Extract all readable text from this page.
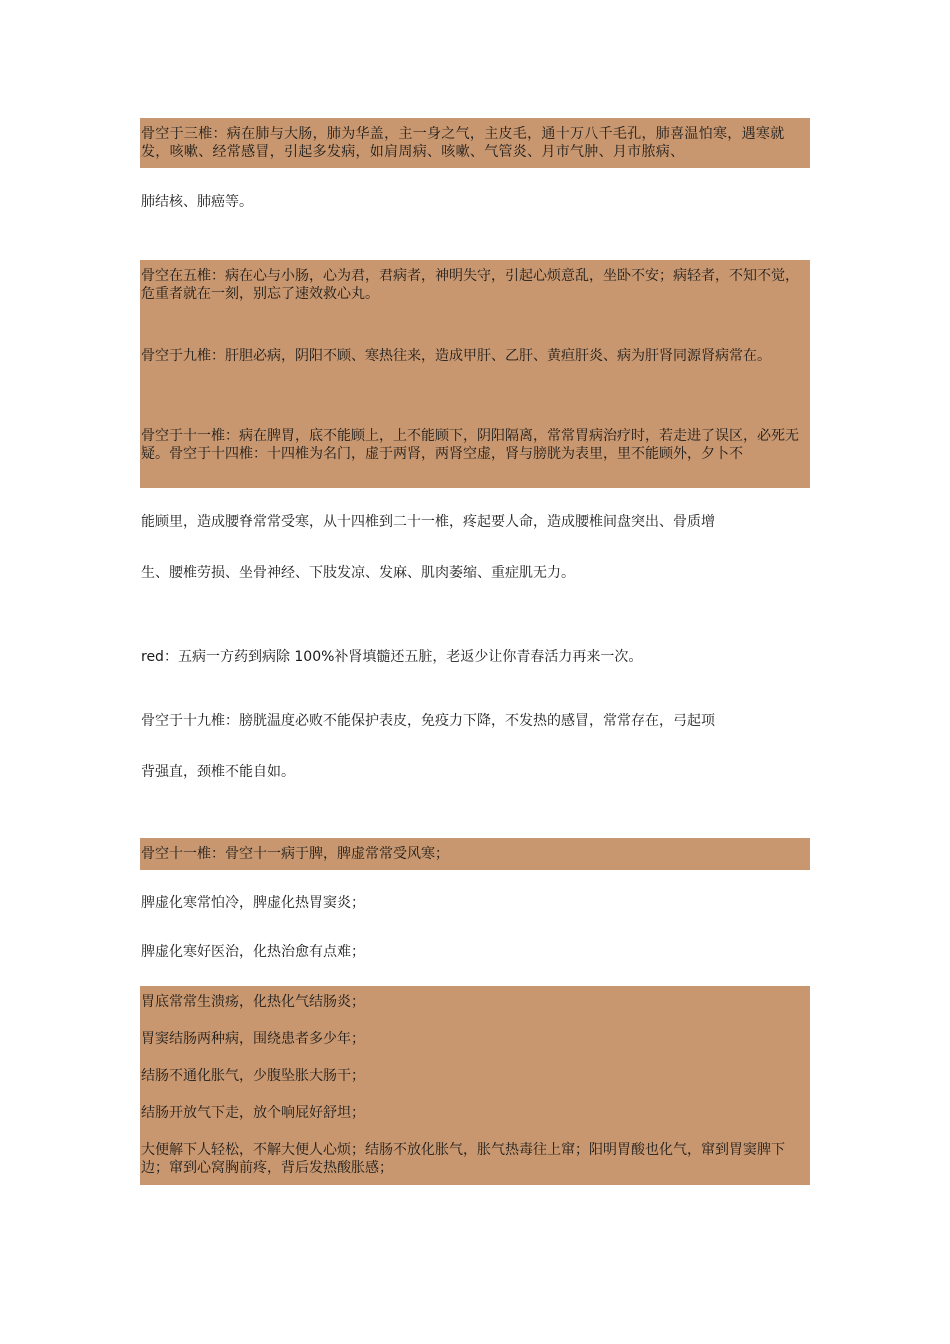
骨空于三椎：病在肺与大肠，肺为华盖，主一身之气，主皮毛，通十万八千毛孔，肺喜温怕寒，遇寒就发，咳嗽、经常感冒，引起多发病，如肩周病、咳嗽、气管炎、月市气肿、月市脓病、
肺结核、肺癌等。
骨空在五椎：病在心与小肠，心为君，君病者，神明失守，引起心烦意乱，坐卧不安；病轻者，不知不觉，危重者就在一刻，别忘了速效救心丸。
骨空于九椎：肝胆必病，阴阳不顾、寒热往来，造成甲肝、乙肝、黄疸肝炎、病为肝肾同源肾病常在。
骨空于十一椎：病在脾胃，底不能顾上，上不能顾下，阴阳隔离，常常胃病治疗时，若走进了误区，必死无疑。骨空于十四椎：十四椎为名门，虚于两肾，两肾空虚，肾与膀胱为表里，里不能顾外，夕卜不
能顾里，造成腰脊常常受寒，从十四椎到二十一椎，疼起要人命，造成腰椎间盘突出、骨质增
生、腰椎劳损、坐骨神经、下肢发凉、发麻、肌肉萎缩、重症肌无力。
red：五病一方药到病除 100%补肾填髓还五脏，老返少让你青春活力再来一次。
骨空于十九椎：膀胱温度必败不能保护表皮，免疫力下降，不发热的感冒，常常存在，弓起项
背强直，颈椎不能自如。
骨空十一椎：骨空十一病于脾，脾虚常常受风寒；
脾虚化寒常怕冷，脾虚化热胃窦炎；
脾虚化寒好医治，化热治愈有点难；
胃底常常生溃疡，化热化气结肠炎；
胃窦结肠两种病，围绕患者多少年；
结肠不通化胀气，少腹坠胀大肠干；
结肠开放气下走，放个响屁好舒坦；
大便解下人轻松，不解大便人心烦；结肠不放化胀气，胀气热毒往上窜；阳明胃酸也化气，窜到胃窦脾下边；窜到心窝胸前疼，背后发热酸胀感；
